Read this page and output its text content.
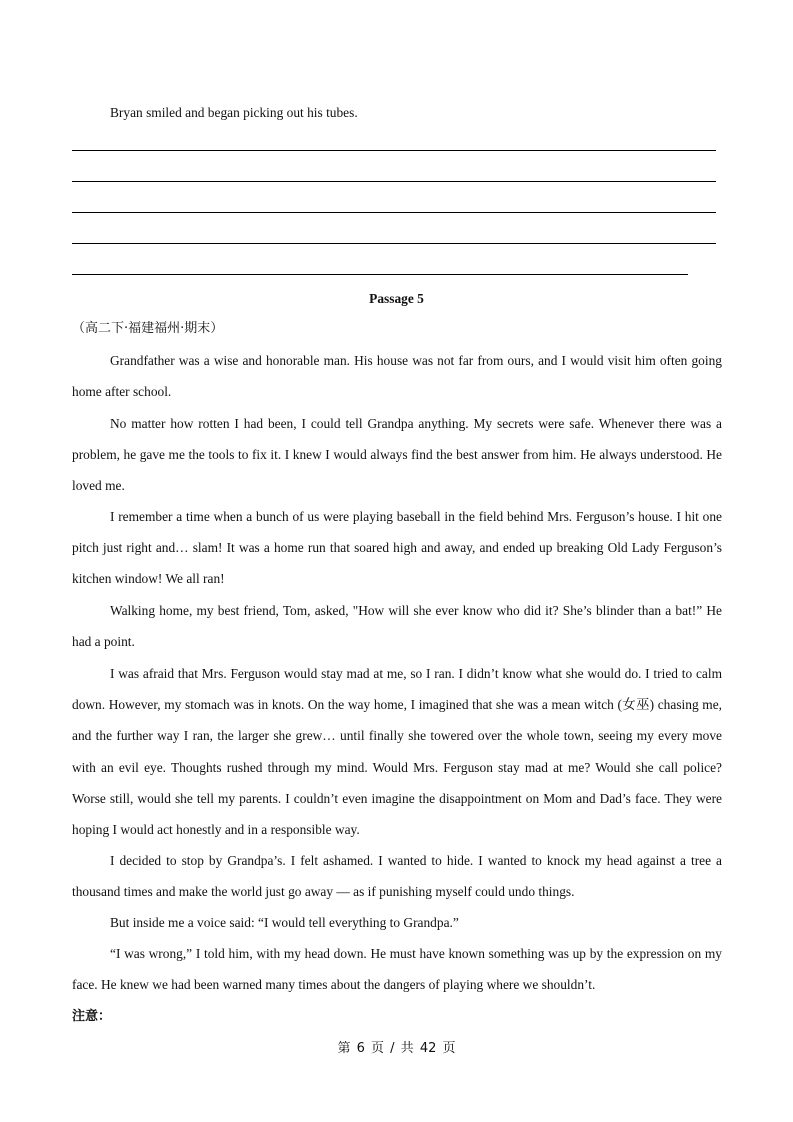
Bryan smiled and began picking out his tubes.

Passage 5
（高二下·福建福州·期末）

Grandfather was a wise and honorable man. His house was not far from ours, and I would visit him often going home after school.

No matter how rotten I had been, I could tell Grandpa anything. My secrets were safe. Whenever there was a problem, he gave me the tools to fix it. I knew I would always find the best answer from him. He always understood. He loved me.

I remember a time when a bunch of us were playing baseball in the field behind Mrs. Ferguson’s house. I hit one pitch just right and… slam! It was a home run that soared high and away, and ended up breaking Old Lady Ferguson’s kitchen window! We all ran!

Walking home, my best friend, Tom, asked, "How will she ever know who did it? She’s blinder than a bat!” He had a point.

I was afraid that Mrs. Ferguson would stay mad at me, so I ran. I didn’t know what she would do. I tried to calm down. However, my stomach was in knots. On the way home, I imagined that she was a mean witch (女巫) chasing me, and the further way I ran, the larger she grew… until finally she towered over the whole town, seeing my every move with an evil eye. Thoughts rushed through my mind. Would Mrs. Ferguson stay mad at me? Would she call police? Worse still, would she tell my parents. I couldn’t even imagine the disappointment on Mom and Dad’s face. They were hoping I would act honestly and in a responsible way.

I decided to stop by Grandpa’s. I felt ashamed. I wanted to hide. I wanted to knock my head against a tree a thousand times and make the world just go away — as if punishing myself could undo things.

But inside me a voice said: “I would tell everything to Grandpa.”

“I was wrong,” I told him, with my head down. He must have known something was up by the expression on my face. He knew we had been warned many times about the dangers of playing where we shouldn’t.

注意：
第 6 页 / 共 42 页
